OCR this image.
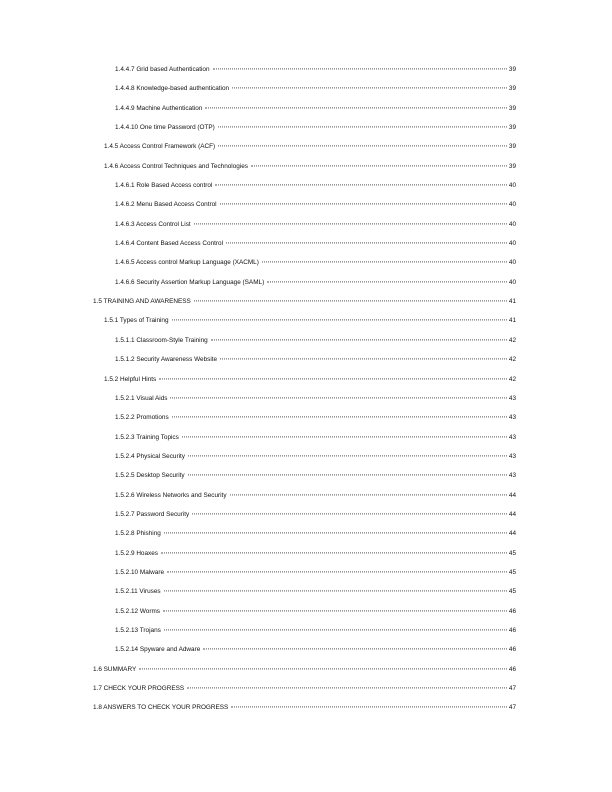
1.4.4.7 Grid based Authentication	39
1.4.4.8 Knowledge-based authentication	39
1.4.4.9 Machine Authentication	39
1.4.4.10 One time Password (OTP)	39
1.4.5 Access Control Framework (ACF)	39
1.4.6 Access Control Techniques and Technologies	39
1.4.6.1 Role Based Access control	40
1.4.6.2 Menu Based Access Control	40
1.4.6.3 Access Control List	40
1.4.6.4 Content Based Access Control	40
1.4.6.5 Access control Markup Language (XACML)	40
1.4.6.6 Security Assertion Markup Language (SAML)	40
1.5 TRAINING AND AWARENESS	41
1.5.1 Types of Training	41
1.5.1.1 Classroom-Style Training	42
1.5.1.2 Security Awareness Website	42
1.5.2 Helpful Hints	42
1.5.2.1 Visual Aids	43
1.5.2.2 Promotions	43
1.5.2.3 Training Topics	43
1.5.2.4 Physical Security	43
1.5.2.5 Desktop Security	43
1.5.2.6 Wireless Networks and Security	44
1.5.2.7 Password Security	44
1.5.2.8 Phishing	44
1.5.2.9 Hoaxes	45
1.5.2.10 Malware	45
1.5.2.11 Viruses	45
1.5.2.12 Worms	46
1.5.2.13 Trojans	46
1.5.2.14 Spyware and Adware	46
1.6 SUMMARY	46
1.7 CHECK YOUR PROGRESS	47
1.8 ANSWERS TO CHECK YOUR PROGRESS	47
